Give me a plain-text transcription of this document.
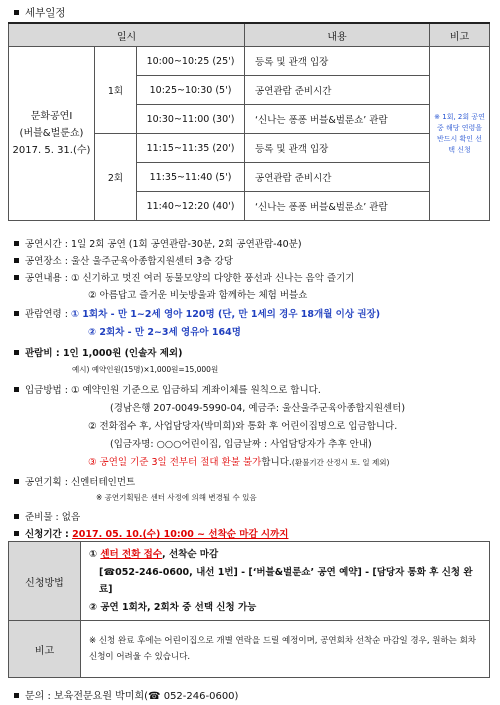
세부일정
일시			내용	비고

문화공연Ⅰ
(버블&벌룬쇼)
2017. 5. 31.(수)	1회	10:00~10:25 (25')	등록 및 관객 입장	※ 1회, 2회 공연 중 해당 연령을 반드시 확인 선택 신청
		10:25~10:30 (5')	공연관람 준비시간	
		10:30~11:00 (30')	‘신나는 퐁퐁 버블&벌룬쇼’ 관람	
	2회	11:15~11:35 (20')	등록 및 관객 입장	
		11:35~11:40 (5')	공연관람 준비시간	
		11:40~12:20 (40')	‘신나는 퐁퐁 버블&벌룬쇼’ 관람	
공연시간 : 1일 2회 공연 (1회 공연관람-30분, 2회 공연관람-40분)
공연장소 : 울산 울주군육아종합지원센터 3층 강당
공연내용 : ① 신기하고 멋진 여러 동물모양의 다양한 풍선과 신나는 음악 즐기기
② 아름답고 즐거운 비눗방울과 함께하는 체험 버블쇼
관람연령 : ① 1회차 - 만 1~2세 영아 120명 (단, 만 1세의 경우 18개월 이상 권장)
② 2회차 - 만 2~3세 영유아 164명
관람비 : 1인 1,000원 (인솔자 제외)
예시) 예약인원(15명)×1,000원=15,000원
입금방법 : ① 예약인원 기준으로 입금하되 계좌이체를 원칙으로 합니다.
(경남은행 207-0049-5990-04, 예금주: 울산울주군육아종합지원센터)
② 전화접수 후, 사업담당자(박미희)와 통화 후 어린이집명으로 입금합니다.
(입금자명: ○○○어린이집, 입금날짜 : 사업담당자가 추후 안내)
③ 공연일 기준 3일 전부터 절대 환불 불가합니다.(환불기간 산정시 토. 일 제외)
공연기획 : 신엔터테인먼트
※ 공연기획팀은 센터 사정에 의해 변경될 수 있음
준비물 : 없음
신청기간 : 2017. 05. 10.(수) 10:00 ~ 선착순 마감 시까지
신청방법	① 센터 전화 접수, 선착순 마감
[☎052-246-0600, 내선 1번] - [‘버블&벌룬쇼’ 공연 예약] - [담당자 통화 후 신청 완료]
② 공연 1회차, 2회차 중 선택 신청 가능

비고	※ 신청 완료 후에는 어린이집으로 개별 연락을 드릴 예정이며, 공연회차 선착순 마감일 경우, 원하는 회차 신청이 어려울 수 있습니다.
문의 : 보육전문요원 박미희(☎ 052-246-0600)
